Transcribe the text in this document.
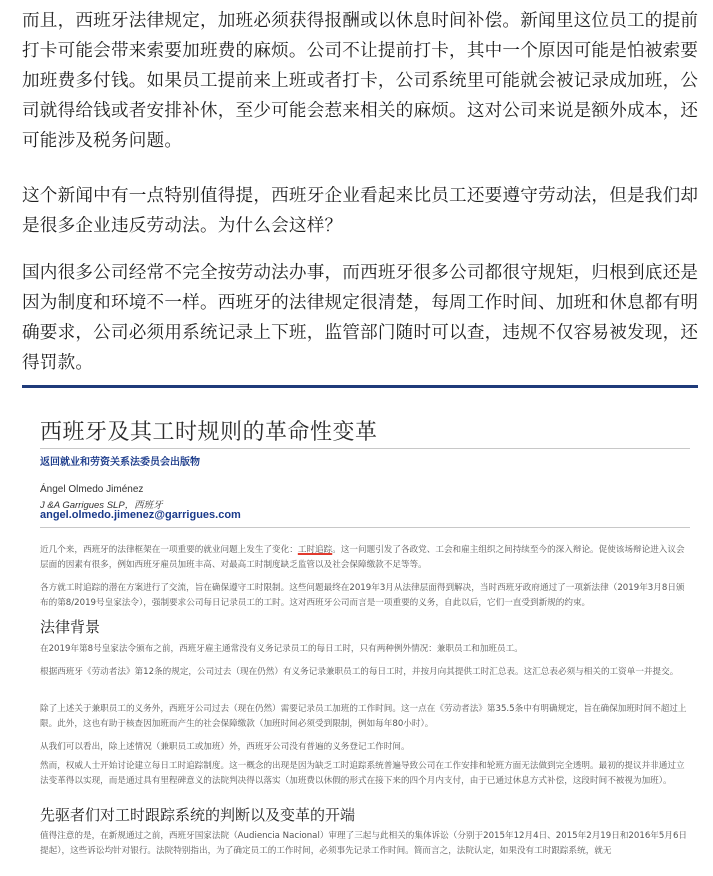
而且，西班牙法律规定，加班必须获得报酬或以休息时间补偿。新闻里这位员工的提前打卡可能会带来索要加班费的麻烦。公司不让提前打卡，其中一个原因可能是怕被索要加班费多付钱。如果员工提前来上班或者打卡，公司系统里可能就会被记录成加班，公司就得给钱或者安排补休，至少可能会惹来相关的麻烦。这对公司来说是额外成本，还可能涉及税务问题。

这个新闻中有一点特别值得提，西班牙企业看起来比员工还要遵守劳动法，但是我们却是很多企业违反劳动法。为什么会这样？

国内很多公司经常不完全按劳动法办事，而西班牙很多公司都很守规矩，归根到底还是因为制度和环境不一样。西班牙的法律规定很清楚，每周工作时间、加班和休息都有明确要求，公司必须用系统记录上下班，监管部门随时可以查，违规不仅容易被发现，还得罚款。

西班牙及其工时规则的革命性变革
返回就业和劳资关系法委员会出版物
Ángel Olmedo Jiménez
J &A Garrigues SLP，西班牙
angel.olmedo.jimenez@garrigues.com

近几个来，西班牙的法律框架在一项重要的就业问题上发生了变化：工时追踪。这一问题引发了各政党、工会和雇主组织之间持续至今的深入辩论。促使该场辩论进入议会层面的因素有很多，例如西班牙雇员加班丰高、对最高工时制度缺乏监管以及社会保障缴款不足等等。

各方就工时追踪的潜在方案进行了交流，旨在确保遵守工时限制。这些问题最终在2019年3月从法律层面得到解决，当时西班牙政府通过了一项新法律（2019年3月8日颁布的第8/2019号皇家法令），强制要求公司每日记录员工的工时。这对西班牙公司而言是一项重要的义务，自此以后，它们一直受到新规的约束。

法律背景

在2019年第8号皇家法令颁布之前，西班牙雇主通常没有义务记录员工的每日工时，只有两种例外情况：兼职员工和加班员工。

根据西班牙《劳动者法》第12条的规定，公司过去（现在仍然）有义务记录兼职员工的每日工时，并按月向其提供工时汇总表。这汇总表必须与相关的工资单一并提交。

除了上述关于兼职员工的义务外，西班牙公司过去（现在仍然）需要记录员工加班的工作时间。这一点在《劳动者法》第35.5条中有明确规定，旨在确保加班时间不超过上限。此外，这也有助于核查因加班而产生的社会保障缴款（加班时间必须受到限制，例如每年80小时）。

从我们可以看出，除上述情况（兼职员工或加班）外，西班牙公司没有普遍的义务登记工作时间。

然而，权威人士开始讨论建立每日工时追踪制度。这一概念的出现是因为缺乏工时追踪系统普遍导致公司在工作安排和轮班方面无法做到完全透明。最初的提议并非通过立法变革得以实现，而是通过具有里程碑意义的法院判决得以落实（加班费以休假的形式在接下来的四个月内支付，由于已通过休息方式补偿，这段时间不被视为加班）。

先驱者们对工时跟踪系统的判断以及变革的开端

值得注意的是，在新规通过之前，西班牙国家法院（Audiencia Nacional）审理了三起与此相关的集体诉讼（分别于2015年12月4日、2015年2月19日和2016年5月6日提起），这些诉讼均针对银行。法院特别指出，为了确定员工的工作时间，必须事先记录工作时间。简而言之，法院认定，如果没有工时跟踪系统，就无
